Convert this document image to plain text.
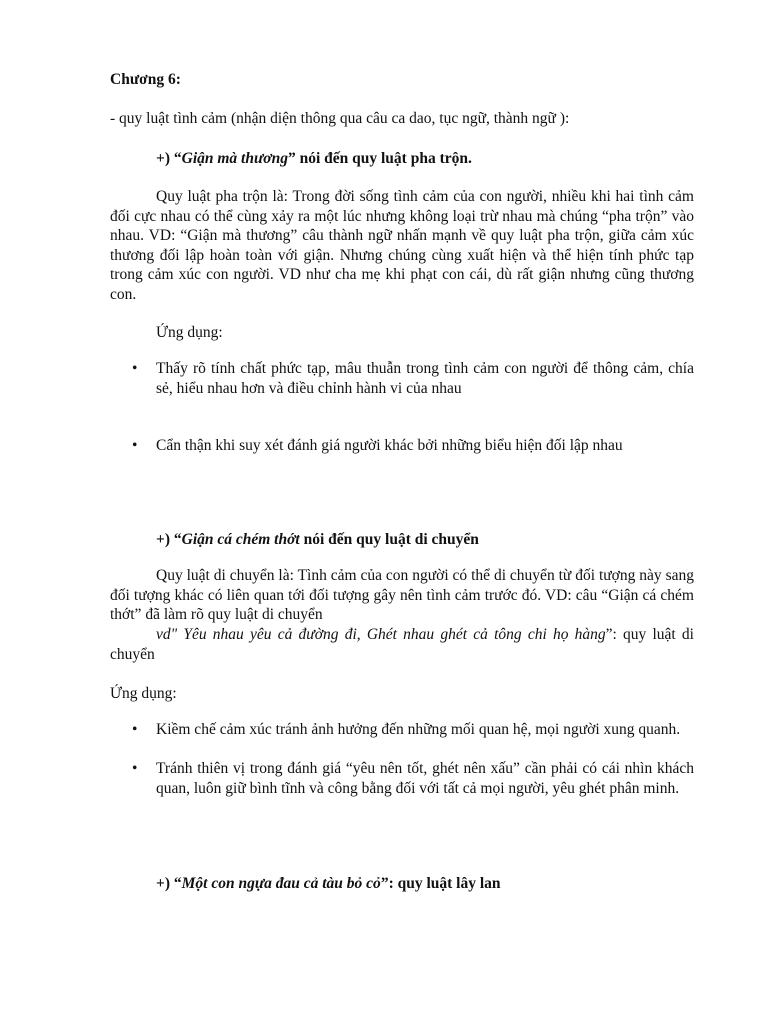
Chương 6:
- quy luật tình cảm (nhận diện thông qua câu ca dao, tục ngữ, thành ngữ ):
+) “Giận mà thương” nói đến quy luật pha trộn.
Quy luật pha trộn là: Trong đời sống tình cảm của con người, nhiều khi hai tình cảm đối cực nhau có thể cùng xảy ra một lúc nhưng không loại trừ nhau mà chúng “pha trộn” vào nhau. VD: “Giận mà thương” câu thành ngữ nhấn mạnh về quy luật pha trộn, giữa cảm xúc thương đối lập hoàn toàn với giận. Nhưng chúng cùng xuất hiện và thể hiện tính phức tạp trong cảm xúc con người. VD như cha mẹ khi phạt con cái, dù rất giận nhưng cũng thương con.
Ứng dụng:
• Thấy rõ tính chất phức tạp, mâu thuẫn trong tình cảm con người để thông cảm, chía sẻ, hiểu nhau hơn và điều chỉnh hành vi của nhau
• Cẩn thận khi suy xét đánh giá người khác bởi những biểu hiện đối lập nhau
+) “Giận cá chém thớt nói đến quy luật di chuyển
Quy luật di chuyển là: Tình cảm của con người có thể di chuyển từ đối tượng này sang đối tượng khác có liên quan tới đối tượng gây nên tình cảm trước đó. VD: câu “Giận cá chém thớt” đã làm rõ quy luật di chuyển
vd" Yêu nhau yêu cả đường đi, Ghét nhau ghét cả tông chi họ hàng”: quy luật di chuyển
Ứng dụng:
• Kiềm chế cảm xúc tránh ảnh hưởng đến những mối quan hệ, mọi người xung quanh.
• Tránh thiên vị trong đánh giá “yêu nên tốt, ghét nên xấu” cần phải có cái nhìn khách quan, luôn giữ bình tĩnh và công bằng đối với tất cả mọi người, yêu ghét phân minh.
+) “Một con ngựa đau cả tàu bỏ cỏ”: quy luật lây lan
